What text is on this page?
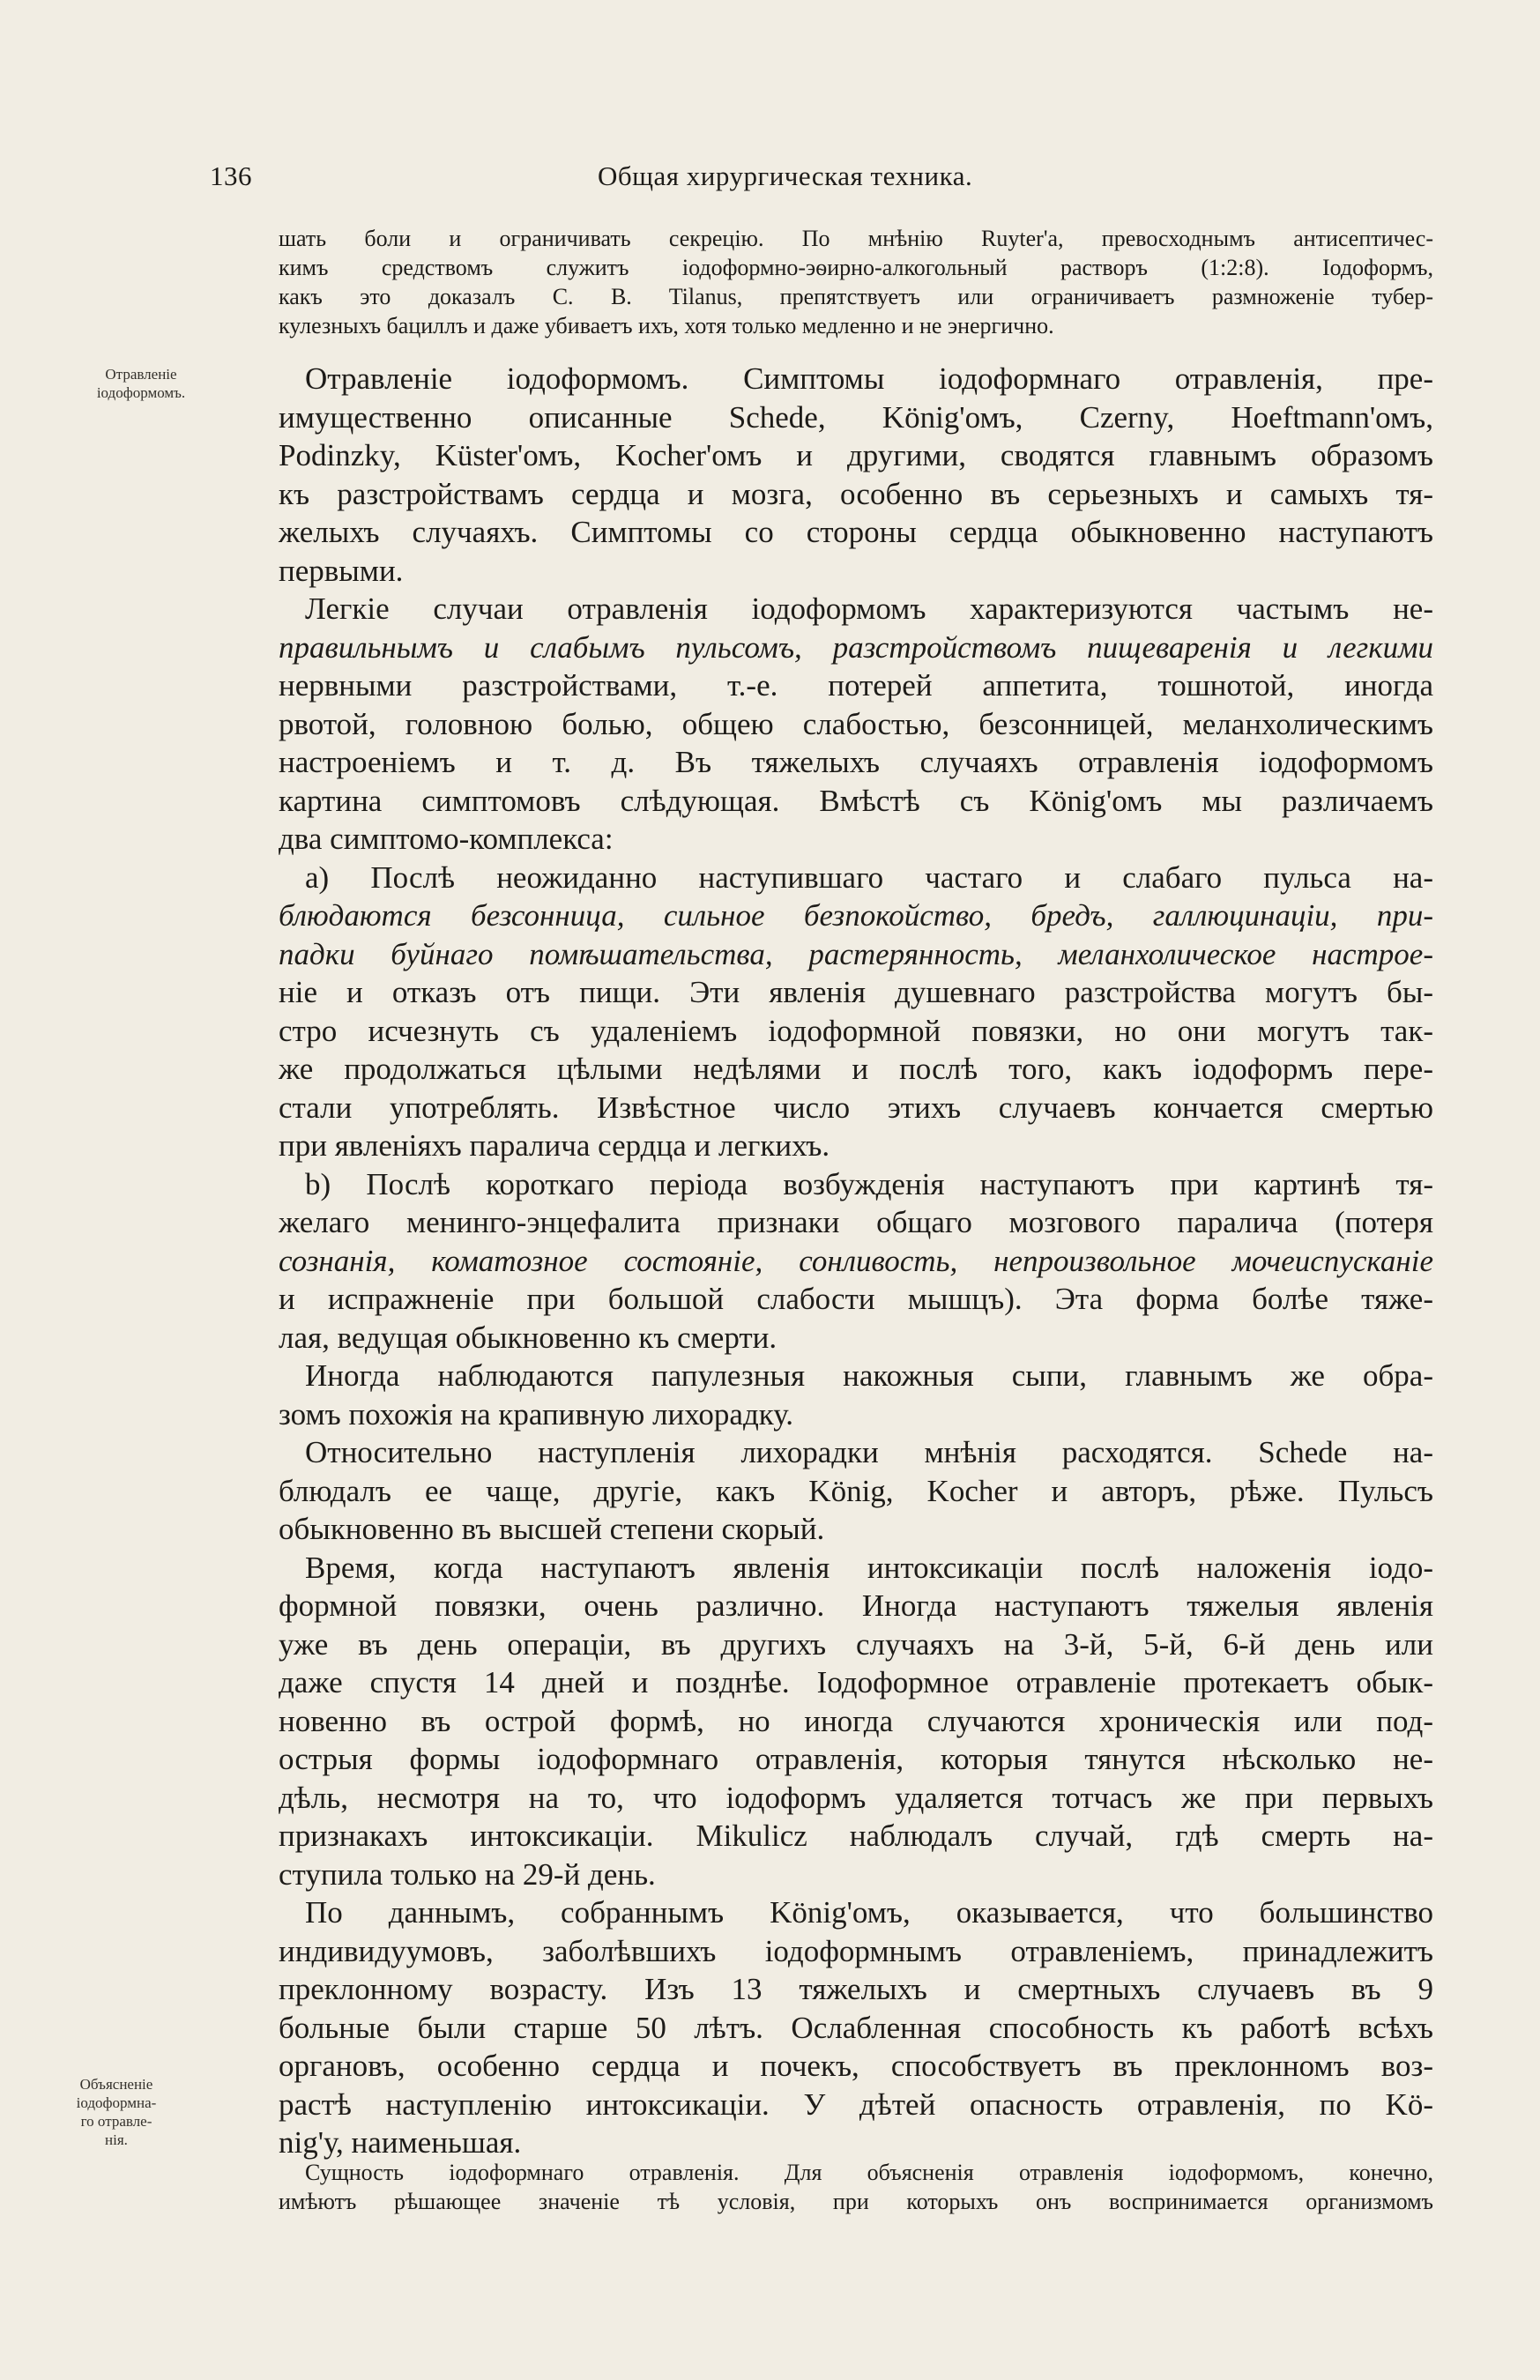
136	Общая хирургическая техника.
Отравленіе
іодоформомъ.
Объясненіе
іодоформна-
го отравле-
нія.
шать боли и ограничивать секрецію. По мнѣнію Ruyter'а, превосходнымъ антисептичес-
кимъ средствомъ служитъ іодоформно-эѳирно-алкогольный растворъ (1:2:8). Іодоформъ,
какъ это доказалъ C. B. Tilanus, препятствуетъ или ограничиваетъ размноженіе тубер-
кулезныхъ бациллъ и даже убиваетъ ихъ, хотя только медленно и не энергично.
Отравленіе іодоформомъ. Симптомы іодоформнаго отравленія, пре-
имущественно описанные Schede, König'омъ, Czerny, Hoeftmann'омъ,
Podinzky, Küster'омъ, Kocher'омъ и другими, сводятся главнымъ образомъ
къ разстройствамъ сердца и мозга, особенно въ серьезныхъ и самыхъ тя-
желыхъ случаяхъ. Симптомы со стороны сердца обыкновенно наступаютъ
первыми.
Легкіе случаи отравленія іодоформомъ характеризуются частымъ не-
правильнымъ и слабымъ пульсомъ, разстройствомъ пищеваренія и легкими
нервными разстройствами, т.-е. потерей аппетита, тошнотой, иногда
рвотой, головною болью, общею слабостью, безсонницей, меланхолическимъ
настроеніемъ и т. д. Въ тяжелыхъ случаяхъ отравленія іодоформомъ
картина симптомовъ слѣдующая. Вмѣстѣ съ König'омъ мы различаемъ
два симптомо-комплекса:
a) Послѣ неожиданно наступившаго частаго и слабаго пульса на-
блюдаются безсонница, сильное безпокойство, бредъ, галлюцинаціи, при-
падки буйнаго помѣшательства, растерянность, меланхолическое настрое-
ніе и отказъ отъ пищи. Эти явленія душевнаго разстройства могутъ бы-
стро исчезнуть съ удаленіемъ іодоформной повязки, но они могутъ так-
же продолжаться цѣлыми недѣлями и послѣ того, какъ іодоформъ пере-
стали употреблять. Извѣстное число этихъ случаевъ кончается смертью
при явленіяхъ паралича сердца и легкихъ.
b) Послѣ короткаго періода возбужденія наступаютъ при картинѣ тя-
желаго менинго-энцефалита признаки общаго мозгового паралича (потеря
сознанія, коматозное состояніе, сонливость, непроизвольное мочеиспусканіе
и испражненіе при большой слабости мышцъ). Эта форма болѣе тяже-
лая, ведущая обыкновенно къ смерти.
Иногда наблюдаются папулезныя накожныя сыпи, главнымъ же обра-
зомъ похожія на крапивную лихорадку.
Относительно наступленія лихорадки мнѣнія расходятся. Schede на-
блюдалъ ее чаще, другіе, какъ König, Kocher и авторъ, рѣже. Пульсъ
обыкновенно въ высшей степени скорый.
Время, когда наступаютъ явленія интоксикаціи послѣ наложенія іодо-
формной повязки, очень различно. Иногда наступаютъ тяжелыя явленія
уже въ день операціи, въ другихъ случаяхъ на 3-й, 5-й, 6-й день или
даже спустя 14 дней и позднѣе. Іодоформное отравленіе протекаетъ обык-
новенно въ острой формѣ, но иногда случаются хроническія или под-
острыя формы іодоформнаго отравленія, которыя тянутся нѣсколько не-
дѣль, несмотря на то, что іодоформъ удаляется тотчасъ же при первыхъ
признакахъ интоксикаціи. Mikulicz наблюдалъ случай, гдѣ смерть на-
ступила только на 29-й день.
По даннымъ, собраннымъ König'омъ, оказывается, что большинство
индивидуумовъ, заболѣвшихъ іодоформнымъ отравленіемъ, принадлежитъ
преклонному возрасту. Изъ 13 тяжелыхъ и смертныхъ случаевъ въ 9
больные были старше 50 лѣтъ. Ослабленная способность къ работѣ всѣхъ
органовъ, особенно сердца и почекъ, способствуетъ въ преклонномъ воз-
растѣ наступленію интоксикаціи. У дѣтей опасность отравленія, по Kö-
nig'у, наименьшая.
Сущность іодоформнаго отравленія. Для объясненія отравленія іодоформомъ, конечно,
имѣютъ рѣшающее значеніе тѣ условія, при которыхъ онъ воспринимается организмомъ
